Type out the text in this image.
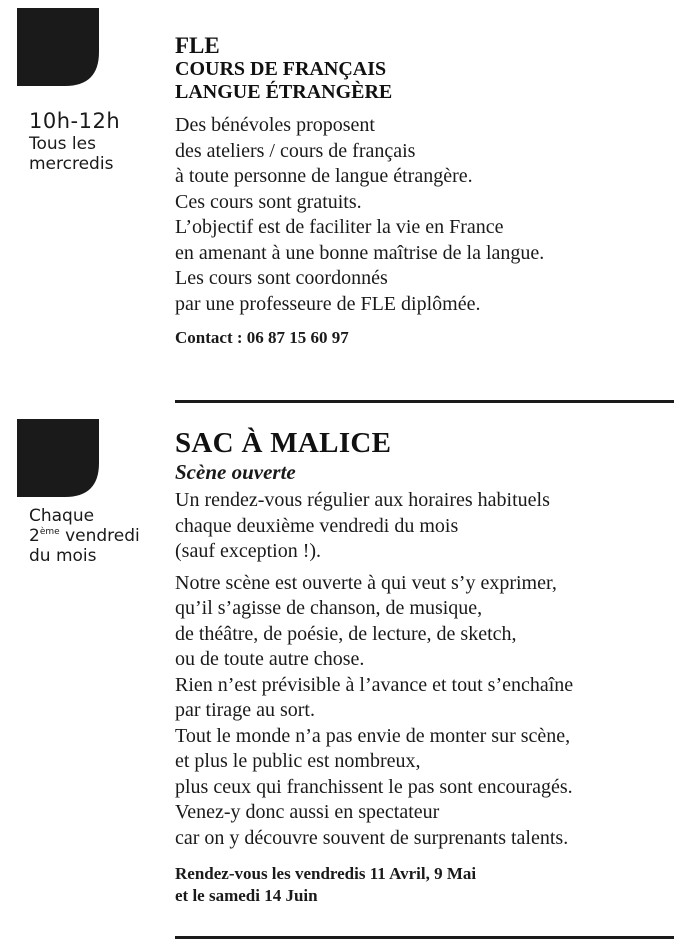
10h-12h
Tous les
mercredis
FLE
COURS DE FRANÇAIS
LANGUE ÉTRANGÈRE
Des bénévoles proposent
des ateliers / cours de français
à toute personne de langue étrangère.
Ces cours sont gratuits.
L’objectif est de faciliter la vie en France
en amenant à une bonne maîtrise de la langue.
Les cours sont coordonnés
par une professeure de FLE diplômée.
Contact : 06 87 15 60 97
Chaque
2ème vendredi
du mois
SAC À MALICE
Scène ouverte
Un rendez-vous régulier aux horaires habituels
chaque deuxième vendredi du mois
(sauf exception !).
Notre scène est ouverte à qui veut s’y exprimer,
qu’il s’agisse de chanson, de musique,
de théâtre, de poésie, de lecture, de sketch,
ou de toute autre chose.
Rien n’est prévisible à l’avance et tout s’enchaîne
par tirage au sort.
Tout le monde n’a pas envie de monter sur scène,
et plus le public est nombreux,
plus ceux qui franchissent le pas sont encouragés.
Venez-y donc aussi en spectateur
car on y découvre souvent de surprenants talents.
Rendez-vous les vendredis 11 Avril, 9 Mai
et le samedi 14 Juin
